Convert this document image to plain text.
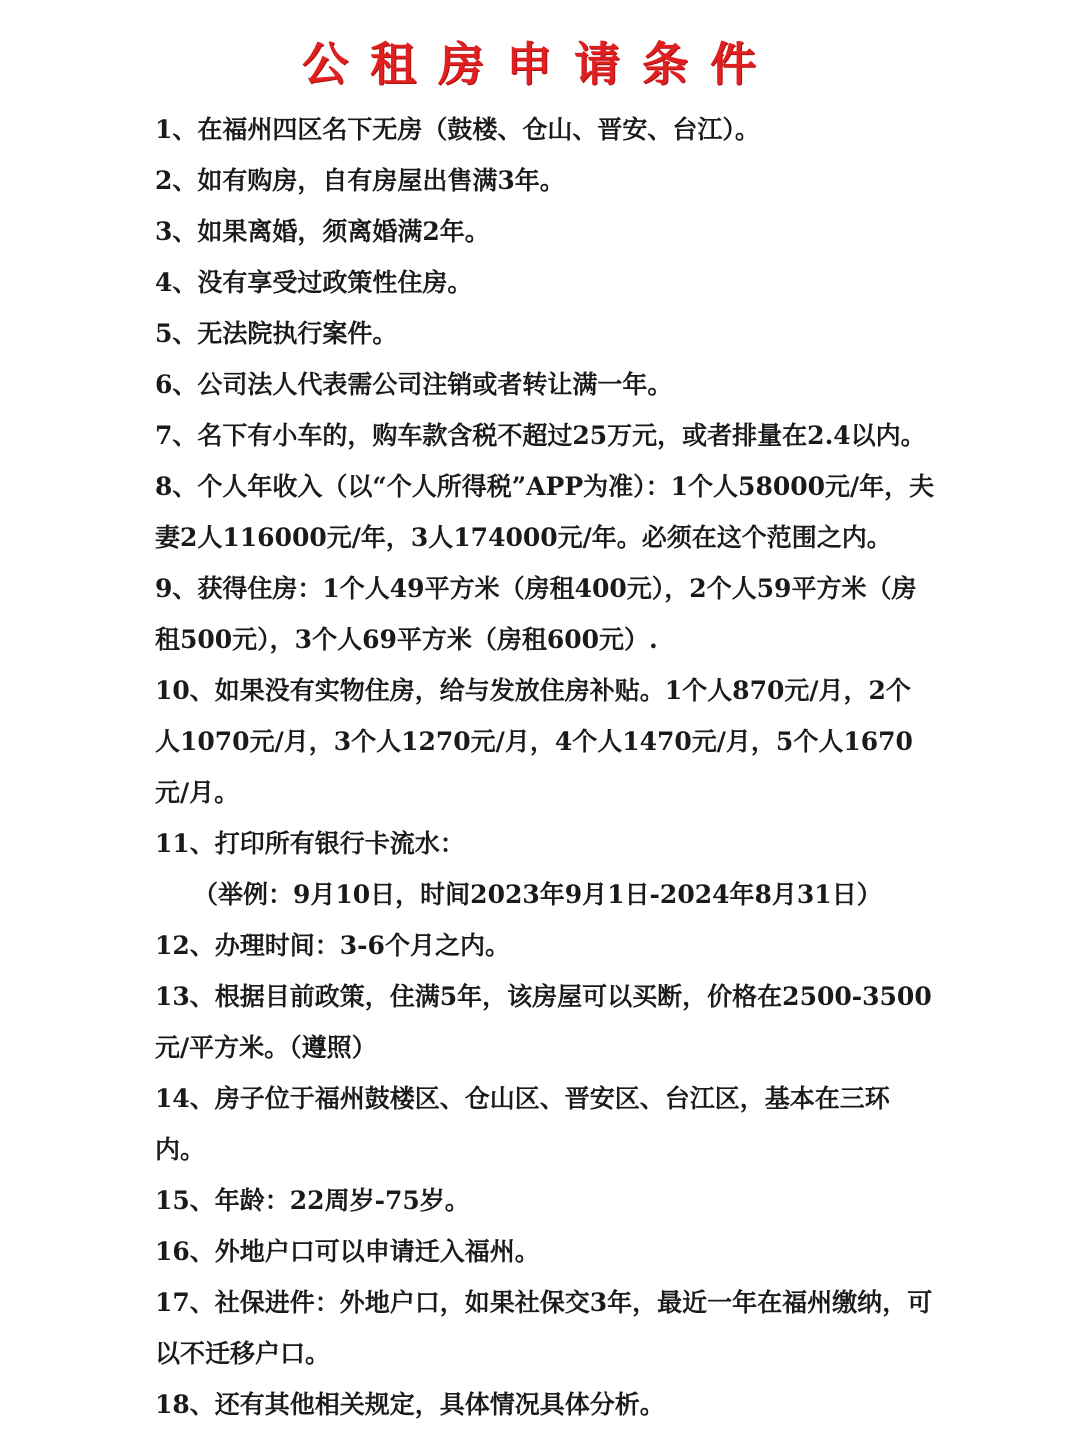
公租房申请条件

1、在福州四区名下无房（鼓楼、仓山、晋安、台江）。

2、如有购房，自有房屋出售满3年。

3、如果离婚，须离婚满2年。

4、没有享受过政策性住房。

5、无法院执行案件。

6、公司法人代表需公司注销或者转让满一年。

7、名下有小车的，购车款含税不超过25万元，或者排量在2.4以内。

8、个人年收入（以“个人所得税”APP为准）：1个人58000元/年，夫妻2人116000元/年，3人174000元/年。必须在这个范围之内。

9、获得住房：1个人49平方米（房租400元），2个人59平方米（房租500元），3个人69平方米（房租600元）.

10、如果没有实物住房，给与发放住房补贴。1个人870元/月，2个人1070元/月，3个人1270元/月，4个人1470元/月，5个人1670元/月。

11、打印所有银行卡流水：

（举例：9月10日，时间2023年9月1日-2024年8月31日）

12、办理时间：3-6个月之内。

13、根据目前政策，住满5年，该房屋可以买断，价格在2500-3500元/平方米。（遵照）

14、房子位于福州鼓楼区、仓山区、晋安区、台江区，基本在三环内。

15、年龄：22周岁-75岁。

16、外地户口可以申请迁入福州。

17、社保进件：外地户口，如果社保交3年，最近一年在福州缴纳，可以不迁移户口。

18、还有其他相关规定，具体情况具体分析。
